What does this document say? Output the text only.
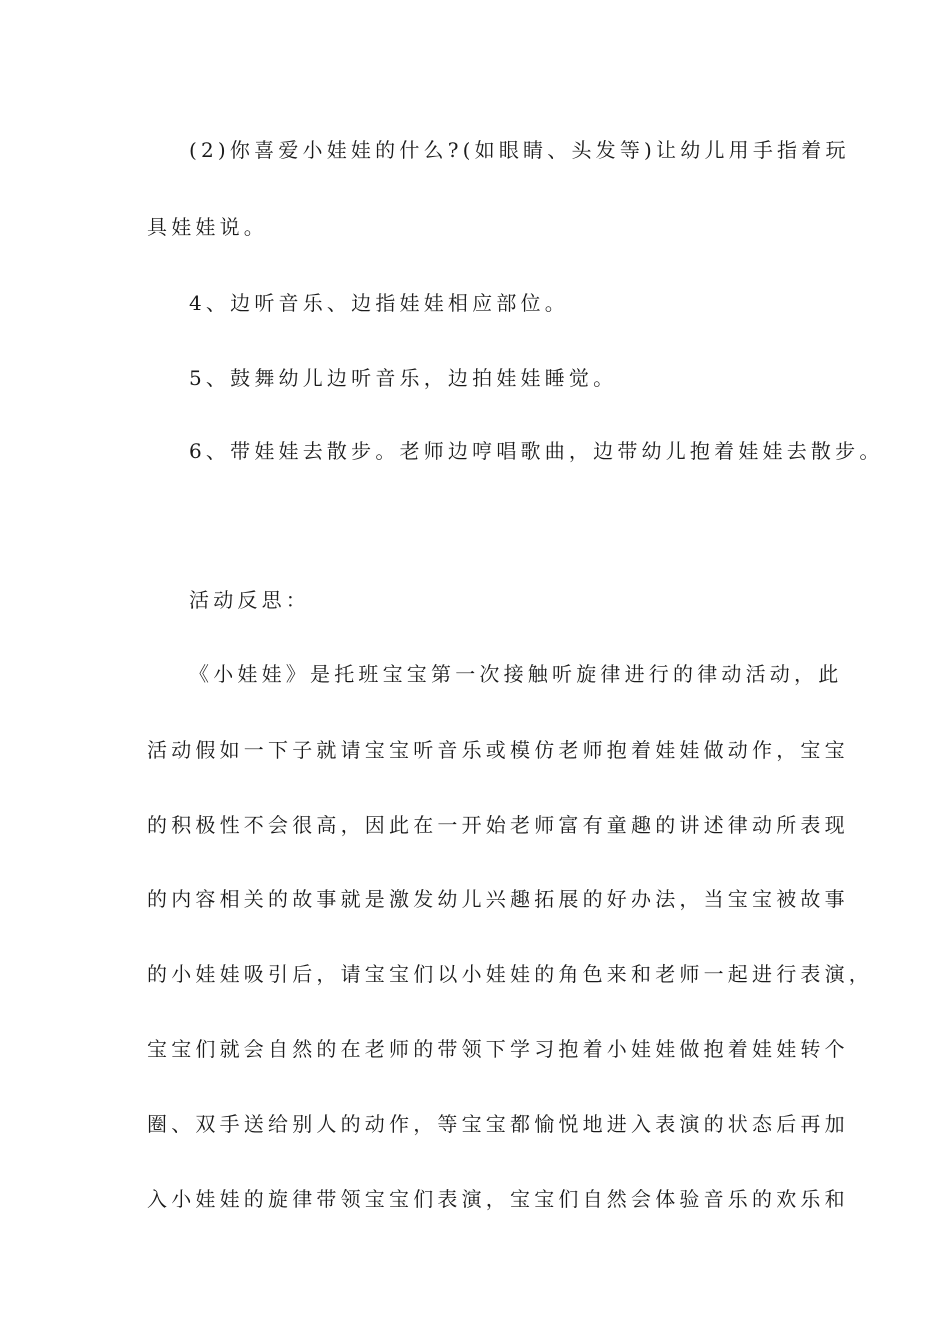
(2)你喜爱小娃娃的什么?(如眼睛、头发等)让幼儿用手指着玩
具娃娃说。
4、边听音乐、边指娃娃相应部位。
5、鼓舞幼儿边听音乐，边拍娃娃睡觉。
6、带娃娃去散步。老师边哼唱歌曲，边带幼儿抱着娃娃去散步。
活动反思：
《小娃娃》是托班宝宝第一次接触听旋律进行的律动活动，此
活动假如一下子就请宝宝听音乐或模仿老师抱着娃娃做动作，宝宝
的积极性不会很高，因此在一开始老师富有童趣的讲述律动所表现
的内容相关的故事就是激发幼儿兴趣拓展的好办法，当宝宝被故事
的小娃娃吸引后，请宝宝们以小娃娃的角色来和老师一起进行表演，
宝宝们就会自然的在老师的带领下学习抱着小娃娃做抱着娃娃转个
圈、双手送给别人的动作，等宝宝都愉悦地进入表演的状态后再加
入小娃娃的旋律带领宝宝们表演，宝宝们自然会体验音乐的欢乐和
